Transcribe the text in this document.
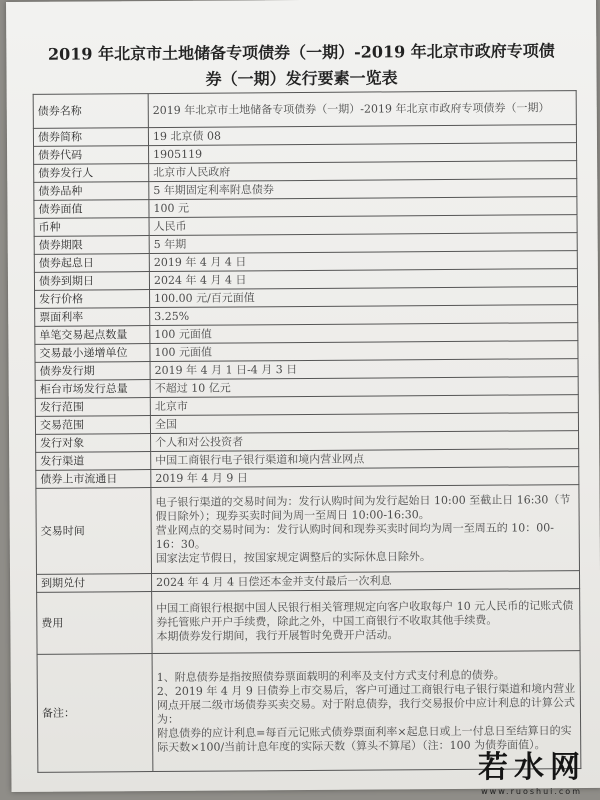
2019 年北京市土地储备专项债券（一期）-2019 年北京市政府专项债
券（一期）发行要素一览表
债券名称	2019 年北京市土地储备专项债券（一期）-2019 年北京市政府专项债券（一期）
债券简称	19 北京债 08
债券代码	1905119
债券发行人	北京市人民政府
债券品种	5 年期固定利率附息债券
债券面值	100 元
币种	人民币
债券期限	5 年期
债券起息日	2019 年 4 月 4 日
债券到期日	2024 年 4 月 4 日
发行价格	100.00 元/百元面值
票面利率	3.25%
单笔交易起点数量	100 元面值
交易最小递增单位	100 元面值
债券发行期	2019 年 4 月 1 日-4 月 3 日
柜台市场发行总量	不超过 10 亿元
发行范围	北京市
交易范围	全国
发行对象	个人和对公投资者
发行渠道	中国工商银行电子银行渠道和境内营业网点
债券上市流通日	2019 年 4 月 9 日
交易时间	电子银行渠道的交易时间为：发行认购时间为发行起始日 10:00 至截止日 16:30（节假日除外）；现券买卖时间为周一至周日 10:00-16:30。
营业网点的交易时间为：发行认购时间和现券买卖时间均为周一至周五的 10：00-16：30。
国家法定节假日，按国家规定调整后的实际休息日除外。

到期兑付	2024 年 4 月 4 日偿还本金并支付最后一次利息

费用	中国工商银行根据中国人民银行相关管理规定向客户收取每户 10 元人民币的记账式债券托管账户开户手续费，除此之外，中国工商银行不收取其他手续费。
本期债券发行期间，我行开展暂时免费开户活动。

备注：	1、附息债券是指按照债券票面载明的利率及支付方式支付利息的债券。
2、2019 年 4 月 9 日债券上市交易后，客户可通过工商银行电子银行渠道和境内营业网点开展二级市场债券买卖交易。对于附息债券，我行交易报价中应计利息的计算公式为：
附息债券的应计利息=每百元记账式债券票面利率×起息日或上一付息日至结算日的实际天数×100/当前计息年度的实际天数（算头不算尾）（注：100 为债券面值）。
若水网
www.ruoshui.com
